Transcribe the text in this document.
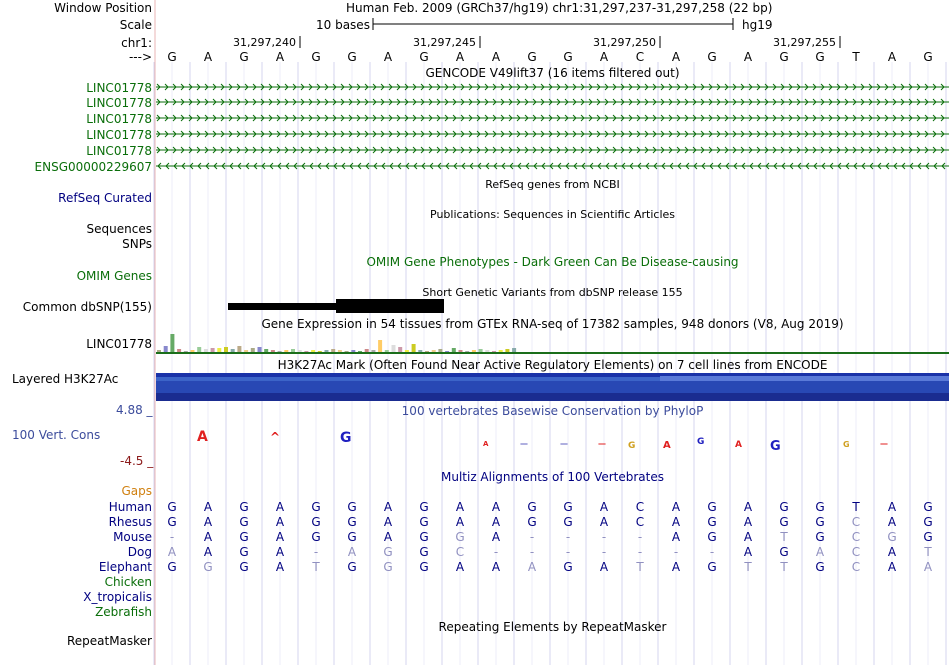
A	^	G	A	—	—	— G	A	G	A G	G	—
Window Position	Human Feb. 2009 (GRCh37/hg19) chr1:31,297,237-31,297,258 (22 bp)
Scale	10 bases	hg19
chr1:	31,297,240	31,297,245	31,297,250	31,297,255
--->	G	A	G	A	G	G	A	G	A	A	G	G	A	C	A	G	A	G	G	T	A	G
GENCODE V49lift37 (16 items filtered out)
LINC01778
LINC01778
LINC01778
LINC01778
LINC01778
ENSG00000229607
RefSeq genes from NCBI
RefSeq Curated
Publications: Sequences in Scientific Articles
Sequences
SNPs
OMIM Gene Phenotypes - Dark Green Can Be Disease-causing
OMIM Genes
Short Genetic Variants from dbSNP release 155
Common dbSNP(155)
Gene Expression in 54 tissues from GTEx RNA-seq of 17382 samples, 948 donors (V8, Aug 2019)
LINC01778
H3K27Ac Mark (Often Found Near Active Regulatory Elements) on 7 cell lines from ENCODE
Layered H3K27Ac
100 vertebrates Basewise Conservation by PhyloP
4.88 _
100 Vert. Cons
-4.5 _
Multiz Alignments of 100 Vertebrates
Gaps
Human	G	A	G	A	G	G	A	G	A	A	G	G	A	C	A	G	A	G	G	T	A	G
Rhesus	G	A	G	A	G	G	A	G	A	A	G	G	A	C	A	G	A	G	G	C	A	G
Mouse	-	A	G	A	G	G	A	G	G	A	-	-	-	-	A	G	A	T	G	C	G	G
Dog	A	A	G	A	-	A	G	G	C	-	-	-	-	-	-	-	A	G	A	C	A	T
Elephant	G	G	G	A	T	G	G	G	A	A	A	G	A	T	A	G	T	T	G	C	A	A
Chicken
X_tropicalis
Zebrafish
Repeating Elements by RepeatMasker
RepeatMasker
